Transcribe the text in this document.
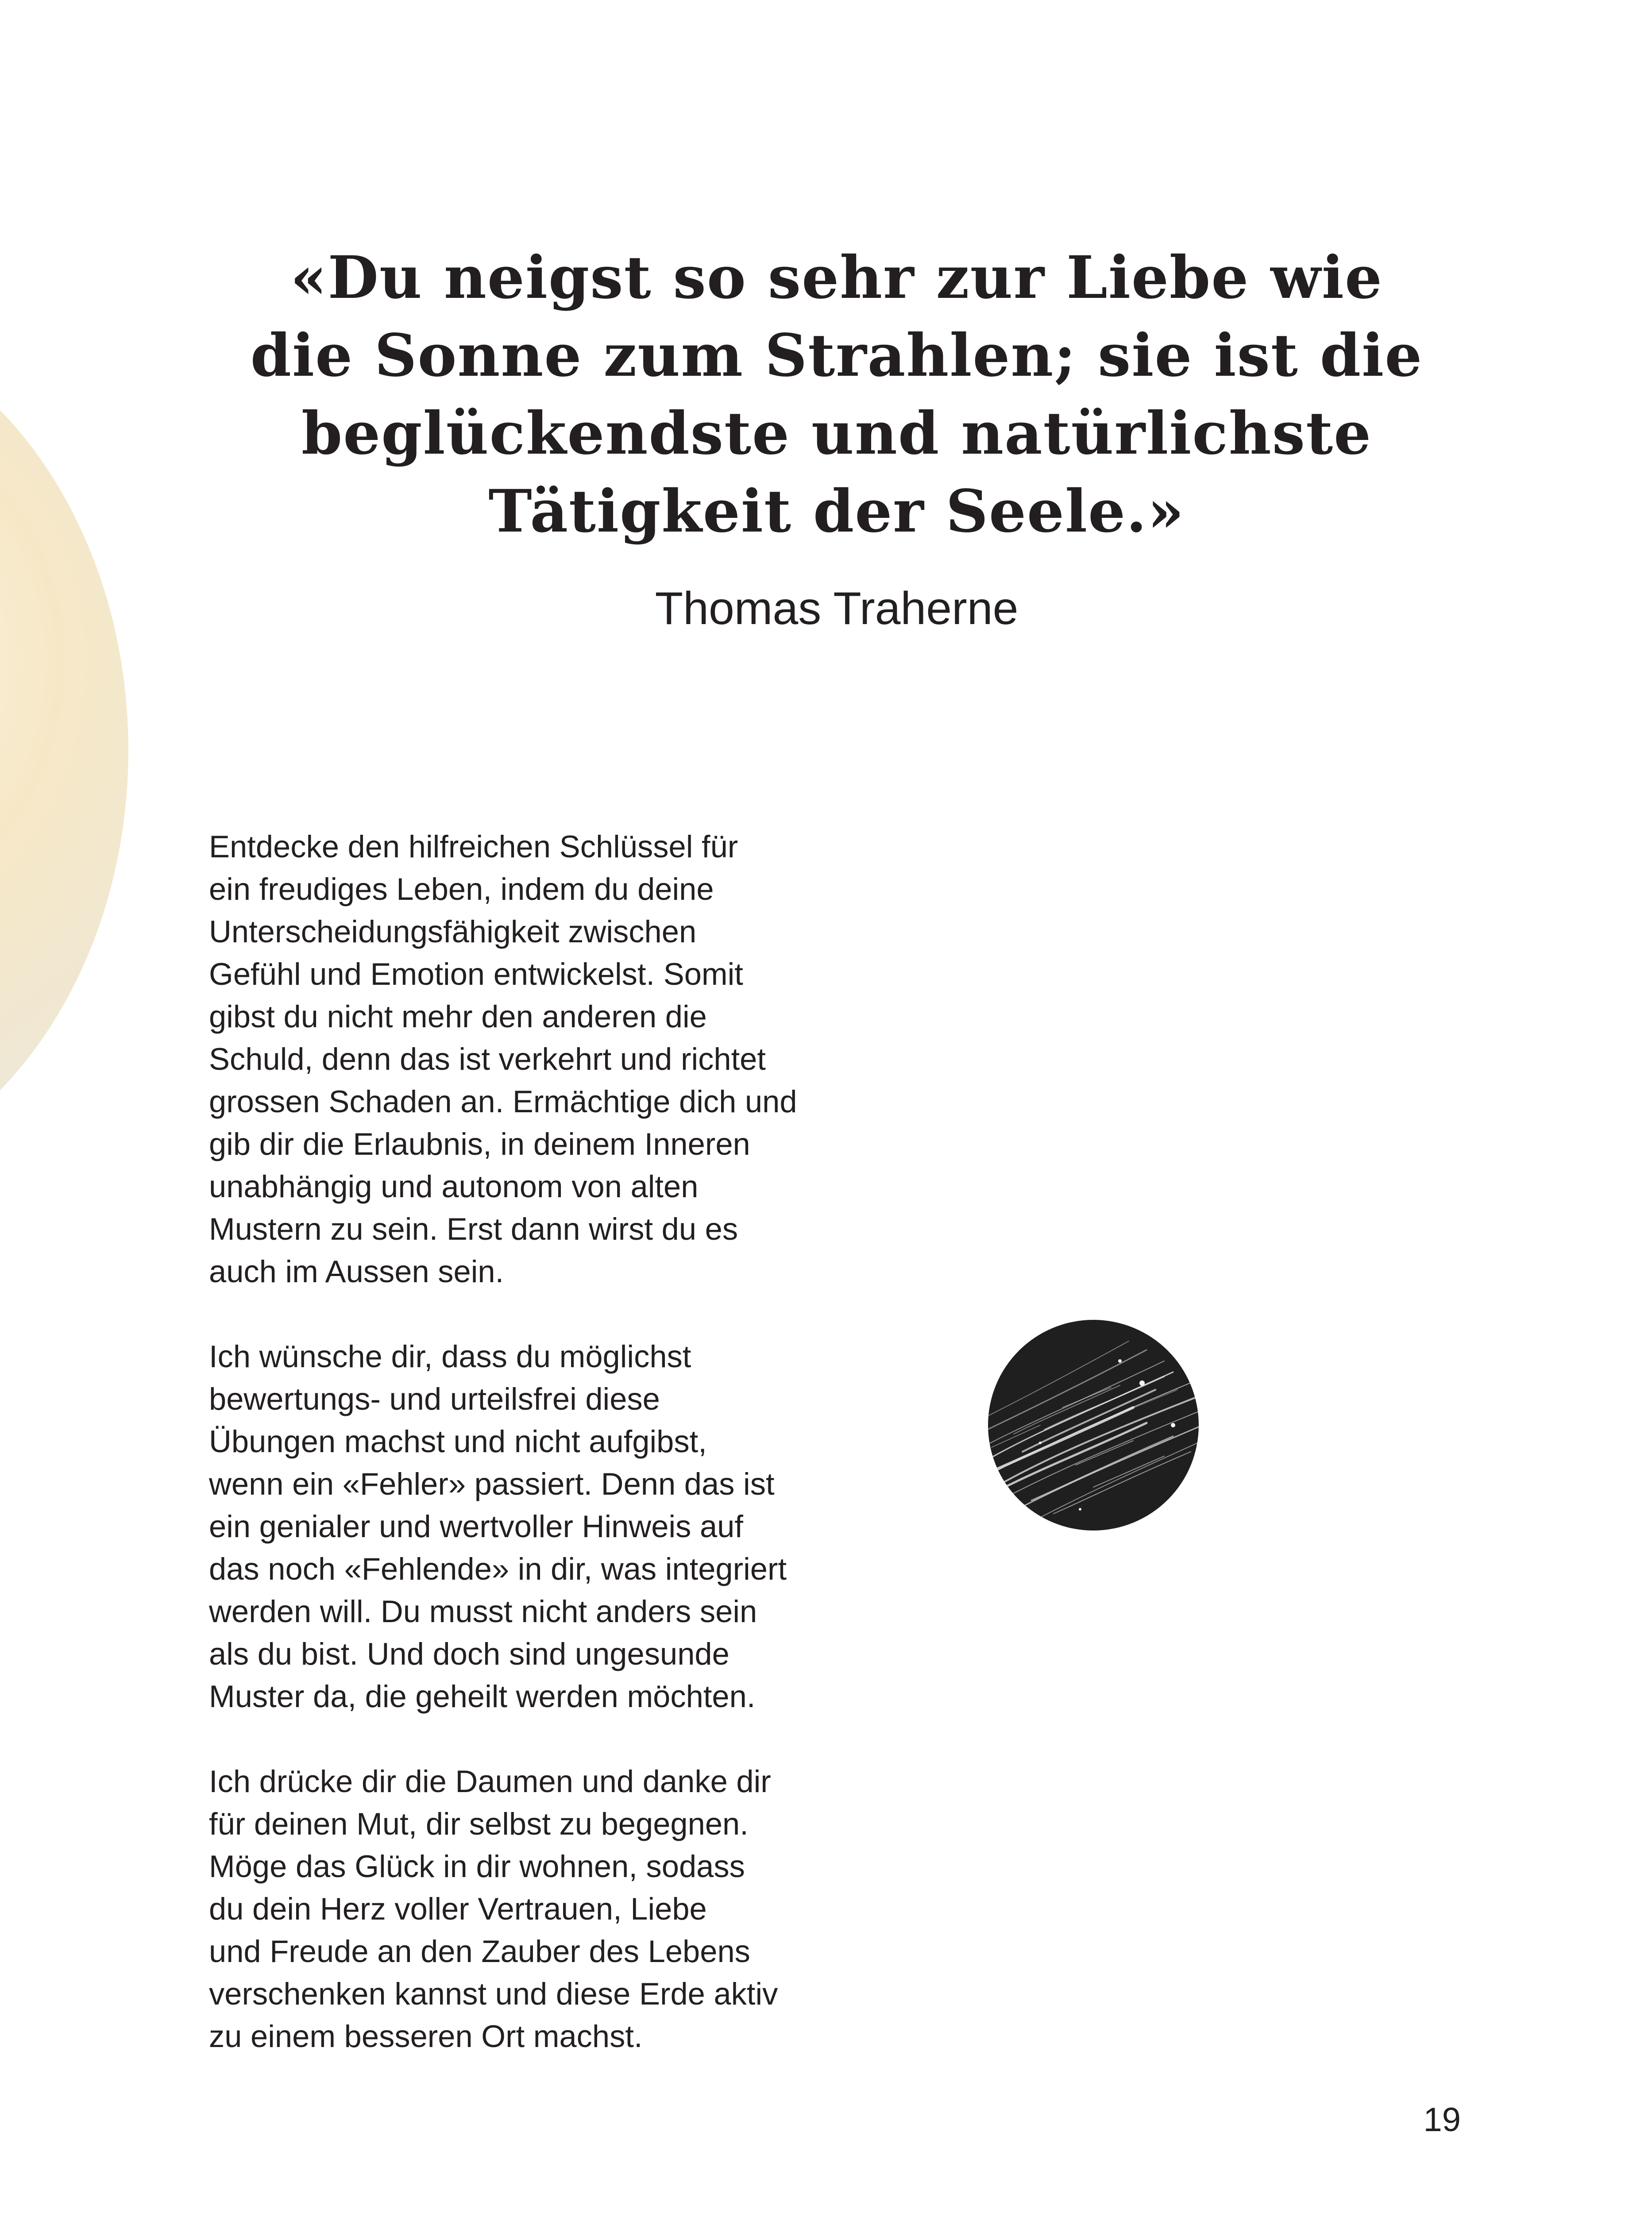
«Du neigst so sehr zur Liebe wie
die Sonne zum Strahlen; sie ist die
beglückendste und natürlichste
Tätigkeit der Seele.»
Thomas Traherne

Entdecke den hilfreichen Schlüssel für
ein freudiges Leben, indem du deine
Unterscheidungsfähigkeit zwischen
Gefühl und Emotion entwickelst. Somit
gibst du nicht mehr den anderen die
Schuld, denn das ist verkehrt und richtet
grossen Schaden an. Ermächtige dich und
gib dir die Erlaubnis, in deinem Inneren
unabhängig und autonom von alten
Mustern zu sein. Erst dann wirst du es
auch im Aussen sein.

Ich wünsche dir, dass du möglichst
bewertungs- und urteilsfrei diese
Übungen machst und nicht aufgibst,
wenn ein «Fehler» passiert. Denn das ist
ein genialer und wertvoller Hinweis auf
das noch «Fehlende» in dir, was integriert
werden will. Du musst nicht anders sein
als du bist. Und doch sind ungesunde
Muster da, die geheilt werden möchten.

Ich drücke dir die Daumen und danke dir
für deinen Mut, dir selbst zu begegnen.
Möge das Glück in dir wohnen, sodass
du dein Herz voller Vertrauen, Liebe
und Freude an den Zauber des Lebens
verschenken kannst und diese Erde aktiv
zu einem besseren Ort machst.

19
